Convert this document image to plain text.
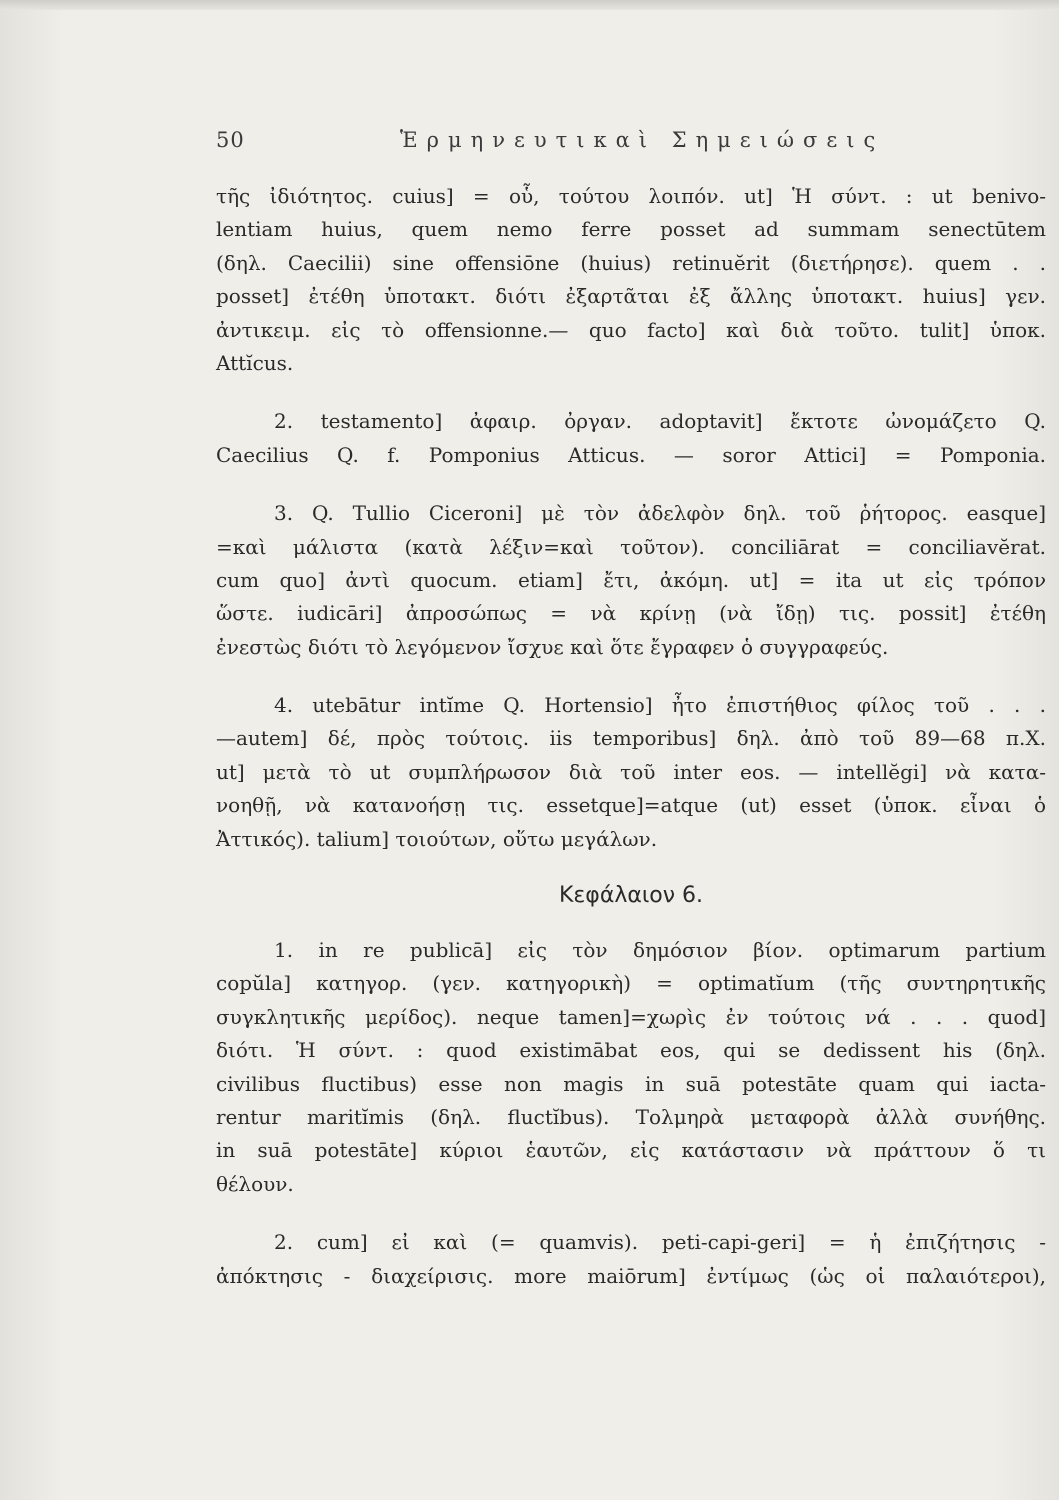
50	Ἑρμηνευτικαὶ Σημειώσεις
τῆς ἰδιότητος. cuius] = οὗ, τούτου λοιπόν. ut] Ἡ σύντ. : ut benivo-
lentiam huius, quem nemo ferre posset ad summam senectūtem
(δηλ. Caecilii) sine offensiōne (huius) retinuĕrit (διετήρησε). quem . .
posset] ἐτέθη ὑποτακτ. διότι ἐξαρτᾶται ἐξ ἄλλης ὑποτακτ. huius] γεν.
ἀντικειμ. εἰς τὸ offensionne.— quo facto] καὶ διὰ τοῦτο. tulit] ὑποκ.
Attĭcus.
2. testamento] ἀφαιρ. ὀργαν. adoptavit] ἔκτοτε ὠνομάζετο Q.
Caecilius Q. f. Pomponius Atticus. — soror Attici] = Pomponia.
3. Q. Tullio Ciceroni] μὲ τὸν ἀδελφὸν δηλ. τοῦ ῥήτορος. easque]
=καὶ μάλιστα (κατὰ λέξιν=καὶ τοῦτον). conciliārat = conciliavĕrat.
cum quo] ἀντὶ quocum. etiam] ἔτι, ἀκόμη. ut] = ita ut εἰς τρόπον
ὥστε. iudicāri] ἀπροσώπως = νὰ κρίνῃ (νὰ ἴδῃ) τις. possit] ἐτέθη
ἐνεστὼς διότι τὸ λεγόμενον ἴσχυε καὶ ὅτε ἔγραφεν ὁ συγγραφεύς.
4. utebātur intĭme Q. Hortensio] ἦτο ἐπιστήθιος φίλος τοῦ . . .
—autem] δέ, πρὸς τούτοις. iis temporibus] δηλ. ἀπὸ τοῦ 89—68 π.Χ.
ut] μετὰ τὸ ut συμπλήρωσον διὰ τοῦ inter eos. — intellĕgi] νὰ κατα-
νοηθῇ, νὰ κατανοήσῃ τις. essetque]=atque (ut) esset (ὑποκ. εἶναι ὁ
Ἀττικός). talium] τοιούτων, οὕτω μεγάλων.
Κεφάλαιον 6.
1. in re publicā] εἰς τὸν δημόσιον βίον. optimarum partium
copŭla] κατηγορ. (γεν. κατηγορικὴ) = optimatĭum (τῆς συντηρητικῆς
συγκλητικῆς μερίδος). neque tamen]=χωρὶς ἐν τούτοις νά . . . quod]
διότι. Ἡ σύντ. : quod existimābat eos, qui se dedissent his (δηλ.
civilibus fluctibus) esse non magis in suā potestāte quam qui iacta-
rentur maritĭmis (δηλ. fluctĭbus). Τολμηρὰ μεταφορὰ ἀλλὰ συνήθης.
in suā potestāte] κύριοι ἑαυτῶν, εἰς κατάστασιν νὰ πράττουν ὅ τι
θέλουν.
2. cum] εἰ καὶ (= quamvis). peti-capi-geri] = ἡ ἐπιζήτησις -
ἀπόκτησις - διαχείρισις. more maiōrum] ἐντίμως (ὡς οἱ παλαιότεροι),
